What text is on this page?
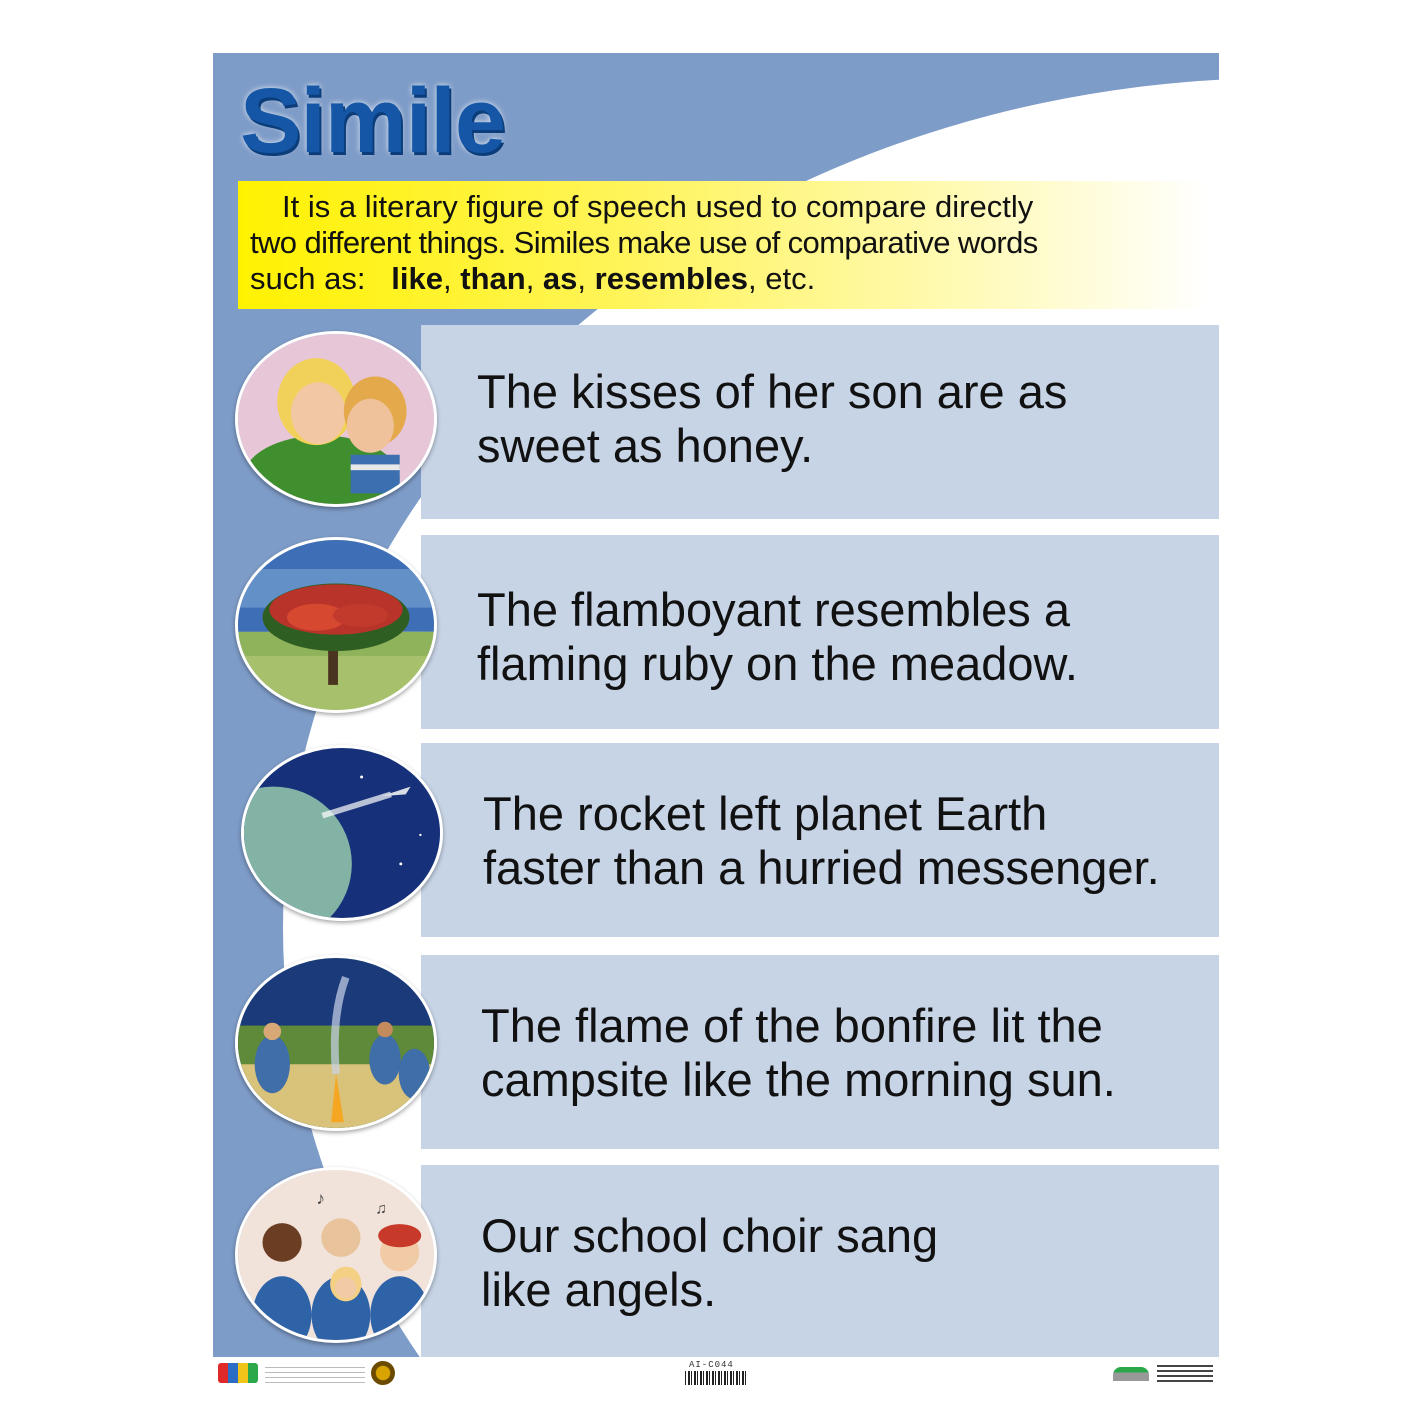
Simile
It is a literary figure of speech used to compare directly
two different things. Similes make use of comparative words
such as: like, than, as, resembles, etc.

The kisses of her son are as
sweet as honey.

The flamboyant resembles a
flaming ruby on the meadow.

The rocket left planet Earth
faster than a hurried messenger.

The flame of the bonfire lit the
campsite like the morning sun.

♪
♫

Our school choir sang
like angels.

AI-C044
